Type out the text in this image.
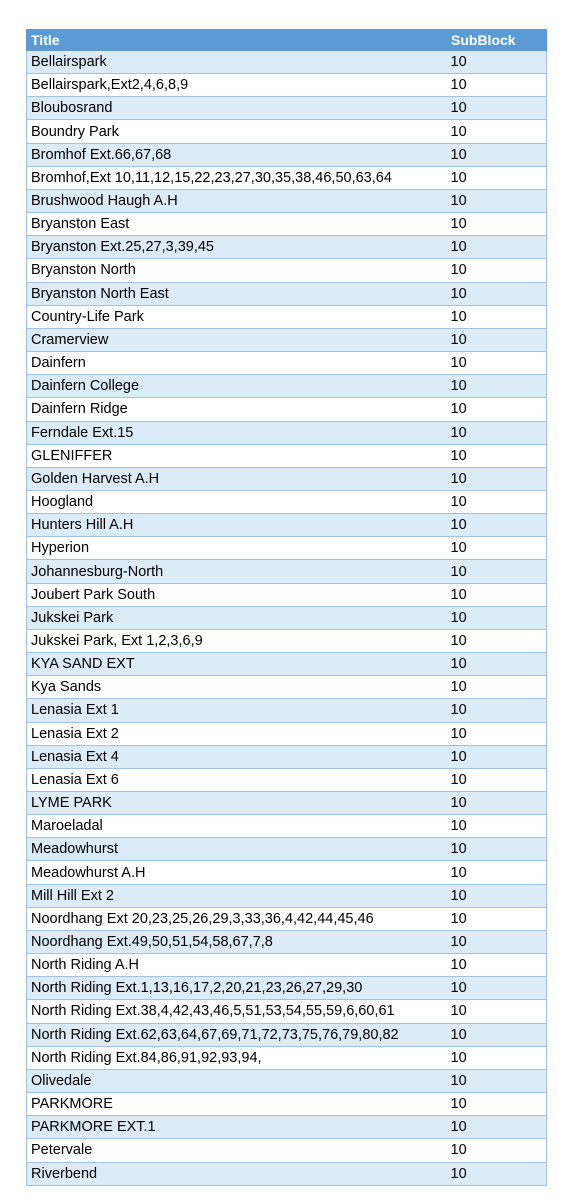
Title	SubBlock
Bellairspark	10
Bellairspark,Ext2,4,6,8,9	10
Bloubosrand	10
Boundry Park	10
Bromhof Ext.66,67,68	10
Bromhof,Ext 10,11,12,15,22,23,27,30,35,38,46,50,63,64	10
Brushwood Haugh A.H	10
Bryanston East	10
Bryanston Ext.25,27,3,39,45	10
Bryanston North	10
Bryanston North East	10
Country-Life Park	10
Cramerview	10
Dainfern	10
Dainfern College	10
Dainfern Ridge	10
Ferndale Ext.15	10
GLENIFFER	10
Golden Harvest A.H	10
Hoogland	10
Hunters Hill A.H	10
Hyperion	10
Johannesburg-North	10
Joubert Park South	10
Jukskei Park	10
Jukskei Park, Ext 1,2,3,6,9	10
KYA SAND EXT	10
Kya Sands	10
Lenasia Ext 1	10
Lenasia Ext 2	10
Lenasia Ext 4	10
Lenasia Ext 6	10
LYME PARK	10
Maroeladal	10
Meadowhurst	10
Meadowhurst A.H	10
Mill Hill Ext 2	10
Noordhang Ext 20,23,25,26,29,3,33,36,4,42,44,45,46	10
Noordhang Ext.49,50,51,54,58,67,7,8	10
North Riding A.H	10
North Riding Ext.1,13,16,17,2,20,21,23,26,27,29,30	10
North Riding Ext.38,4,42,43,46,5,51,53,54,55,59,6,60,61	10
North Riding Ext.62,63,64,67,69,71,72,73,75,76,79,80,82	10
North Riding Ext.84,86,91,92,93,94,	10
Olivedale	10
PARKMORE	10
PARKMORE EXT.1	10
Petervale	10
Riverbend	10
